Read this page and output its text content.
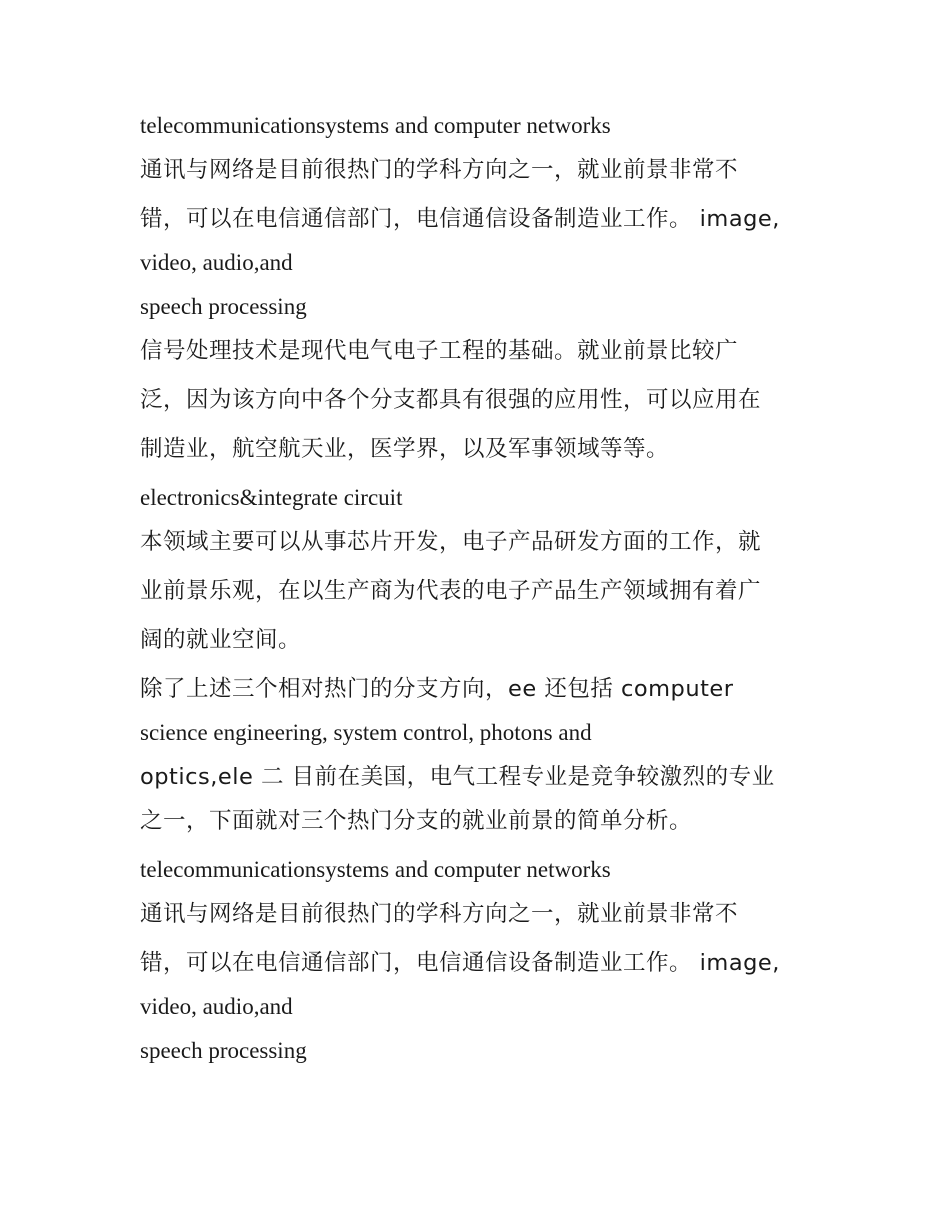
telecommunicationsystems and computer networks
通讯与网络是目前很热门的学科方向之一，就业前景非常不
错，可以在电信通信部门，电信通信设备制造业工作。 image,
video, audio,and
speech processing
信号处理技术是现代电气电子工程的基础。就业前景比较广
泛，因为该方向中各个分支都具有很强的应用性，可以应用在
制造业，航空航天业，医学界，以及军事领域等等。
electronics&integrate circuit
本领域主要可以从事芯片开发，电子产品研发方面的工作，就
业前景乐观，在以生产商为代表的电子产品生产领域拥有着广
阔的就业空间。
除了上述三个相对热门的分支方向，ee 还包括 computer
science engineering, system control, photons and
optics,ele 二 目前在美国，电气工程专业是竞争较激烈的专业
之一，下面就对三个热门分支的就业前景的简单分析。
telecommunicationsystems and computer networks
通讯与网络是目前很热门的学科方向之一，就业前景非常不
错，可以在电信通信部门，电信通信设备制造业工作。 image,
video, audio,and
speech processing
